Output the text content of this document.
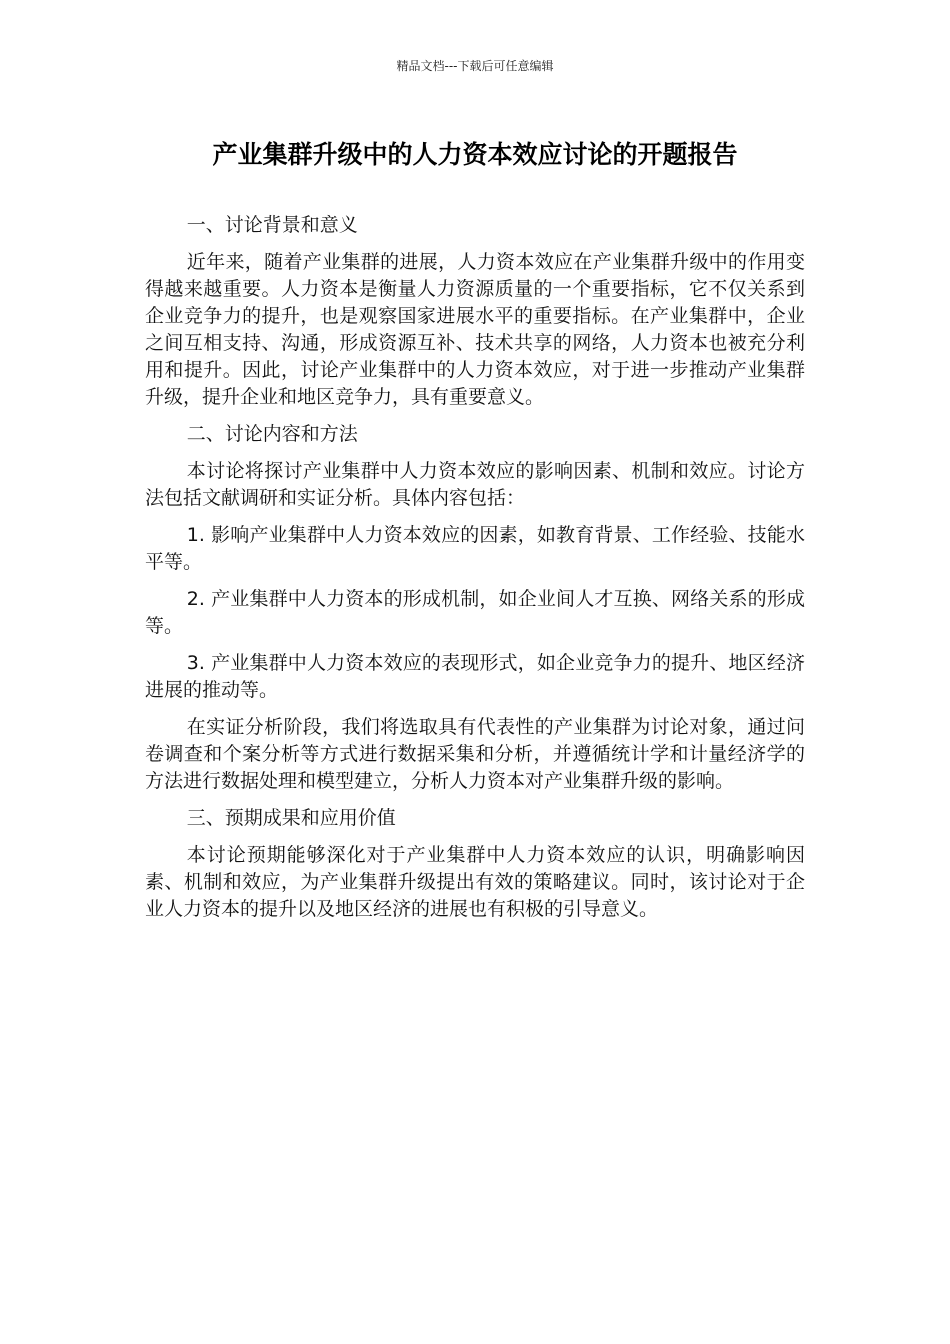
精品文档---下载后可任意编辑
产业集群升级中的人力资本效应讨论的开题报告

一、讨论背景和意义

近年来，随着产业集群的进展，人力资本效应在产业集群升级中的作用变得越来越重要。人力资本是衡量人力资源质量的一个重要指标，它不仅关系到企业竞争力的提升，也是观察国家进展水平的重要指标。在产业集群中，企业之间互相支持、沟通，形成资源互补、技术共享的网络，人力资本也被充分利用和提升。因此，讨论产业集群中的人力资本效应，对于进一步推动产业集群升级，提升企业和地区竞争力，具有重要意义。

二、讨论内容和方法

本讨论将探讨产业集群中人力资本效应的影响因素、机制和效应。讨论方法包括文献调研和实证分析。具体内容包括：

1. 影响产业集群中人力资本效应的因素，如教育背景、工作经验、技能水平等。

2. 产业集群中人力资本的形成机制，如企业间人才互换、网络关系的形成等。

3. 产业集群中人力资本效应的表现形式，如企业竞争力的提升、地区经济进展的推动等。

在实证分析阶段，我们将选取具有代表性的产业集群为讨论对象，通过问卷调查和个案分析等方式进行数据采集和分析，并遵循统计学和计量经济学的方法进行数据处理和模型建立，分析人力资本对产业集群升级的影响。

三、预期成果和应用价值

本讨论预期能够深化对于产业集群中人力资本效应的认识，明确影响因素、机制和效应，为产业集群升级提出有效的策略建议。同时，该讨论对于企业人力资本的提升以及地区经济的进展也有积极的引导意义。
